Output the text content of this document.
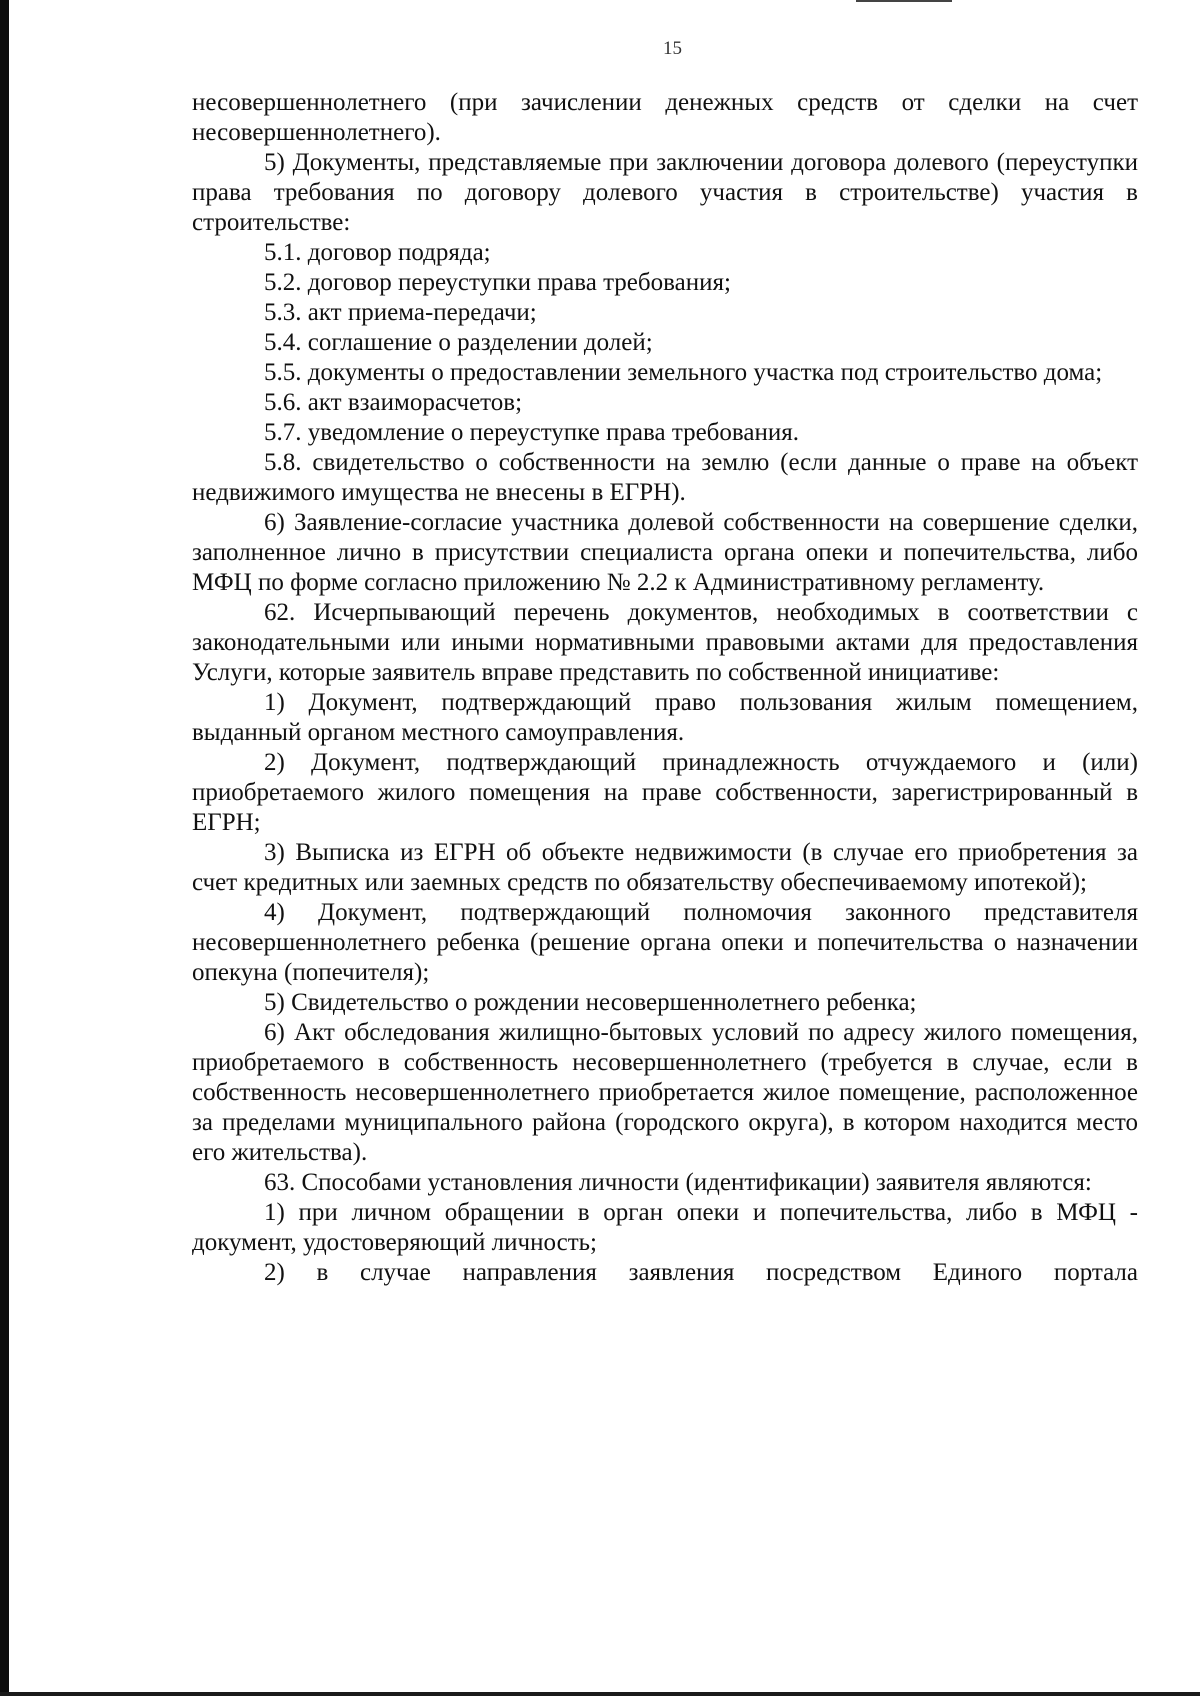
15

несовершеннолетнего (при зачислении денежных средств от сделки на счет несовершеннолетнего).

5) Документы, представляемые при заключении договора долевого (переуступки права требования по договору долевого участия в строительстве) участия в строительстве:

5.1. договор подряда;

5.2. договор переуступки права требования;

5.3. акт приема-передачи;

5.4. соглашение о разделении долей;

5.5. документы о предоставлении земельного участка под строительство дома;

5.6. акт взаиморасчетов;

5.7. уведомление о переуступке права требования.

5.8. свидетельство о собственности на землю (если данные о праве на объект недвижимого имущества не внесены в ЕГРН).

6) Заявление-согласие участника долевой собственности на совершение сделки, заполненное лично в присутствии специалиста органа опеки и попечительства, либо МФЦ по форме согласно приложению № 2.2 к Административному регламенту.

62. Исчерпывающий перечень документов, необходимых в соответствии с законодательными или иными нормативными правовыми актами для предоставления Услуги, которые заявитель вправе представить по собственной инициативе:

1) Документ, подтверждающий право пользования жилым помещением, выданный органом местного самоуправления.

2) Документ, подтверждающий принадлежность отчуждаемого и (или) приобретаемого жилого помещения на праве собственности, зарегистрированный в ЕГРН;

3) Выписка из ЕГРН об объекте недвижимости (в случае его приобретения за счет кредитных или заемных средств по обязательству обеспечиваемому ипотекой);

4) Документ, подтверждающий полномочия законного представителя несовершеннолетнего ребенка (решение органа опеки и попечительства о назначении опекуна (попечителя);

5) Свидетельство о рождении несовершеннолетнего ребенка;

6) Акт обследования жилищно-бытовых условий по адресу жилого помещения, приобретаемого в собственность несовершеннолетнего (требуется в случае, если в собственность несовершеннолетнего приобретается жилое помещение, расположенное за пределами муниципального района (городского округа), в котором находится место его жительства).

63. Способами установления личности (идентификации) заявителя являются:

1) при личном обращении в орган опеки и попечительства, либо в МФЦ - документ, удостоверяющий личность;

2) в случае направления заявления посредством Единого портала
